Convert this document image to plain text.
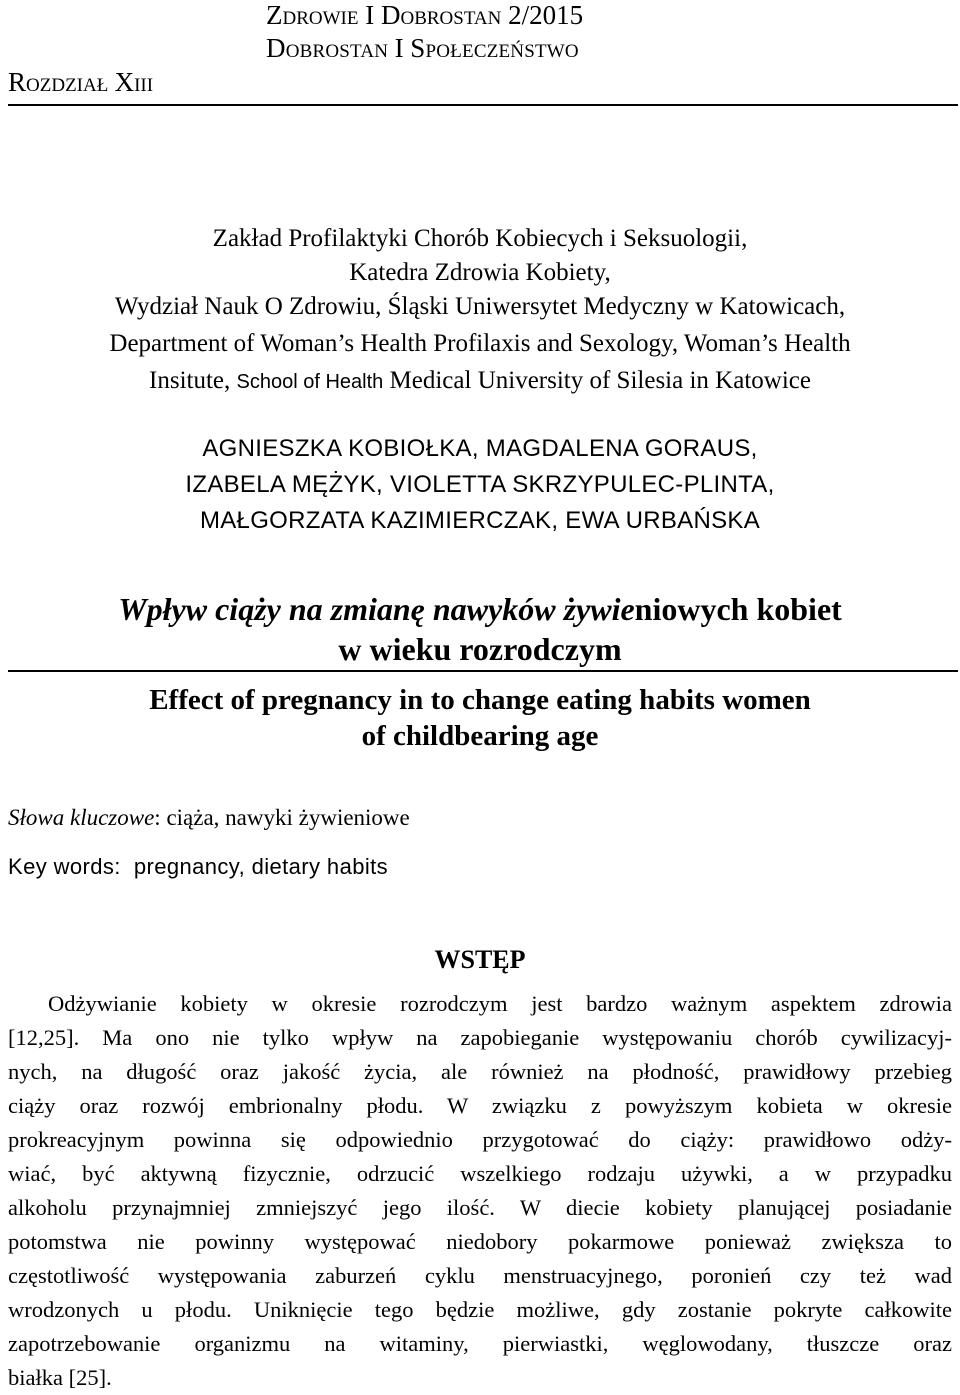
ZDROWIE I DOBROSTAN 2/2015
DOBROSTAN I SPOŁECZEŃSTWO
ROZDZIAŁ XIII
Zakład Profilaktyki Chorób Kobiecych i Seksuologii,
Katedra Zdrowia Kobiety,
Wydział Nauk O Zdrowiu, Śląski Uniwersytet Medyczny w Katowicach,
Department of Woman’s Health Profilaxis and Sexology, Woman’s Health
Insitute, School of Health Medical University of Silesia in Katowice
AGNIESZKA KOBIOŁKA, MAGDALENA GORAUS,
IZABELA MĘŻYK, VIOLETTA SKRZYPULEC-PLINTA,
MAŁGORZATA KAZIMIERCZAK, EWA URBAŃSKA
Wpływ ciąży na zmianę nawyków żywieniowych kobiet
w wieku rozrodczym
Effect of pregnancy in to change eating habits women
of childbearing age
Słowa kluczowe: ciąża, nawyki żywieniowe
Key words: pregnancy, dietary habits
WSTĘP
Odżywianie kobiety w okresie rozrodczym jest bardzo ważnym aspektem zdrowia
[12,25]. Ma ono nie tylko wpływ na zapobieganie występowaniu chorób cywilizacyj-
nych, na długość oraz jakość życia, ale również na płodność, prawidłowy przebieg
ciąży oraz rozwój embrionalny płodu. W związku z powyższym kobieta w okresie
prokreacyjnym powinna się odpowiednio przygotować do ciąży: prawidłowo odży-
wiać, być aktywną fizycznie, odrzucić wszelkiego rodzaju używki, a w przypadku
alkoholu przynajmniej zmniejszyć jego ilość. W diecie kobiety planującej posiadanie
potomstwa nie powinny występować niedobory pokarmowe ponieważ zwiększa to
częstotliwość występowania zaburzeń cyklu menstruacyjnego, poronień czy też wad
wrodzonych u płodu. Uniknięcie tego będzie możliwe, gdy zostanie pokryte całkowite
zapotrzebowanie organizmu na witaminy, pierwiastki, węglowodany, tłuszcze oraz
białka [25].
